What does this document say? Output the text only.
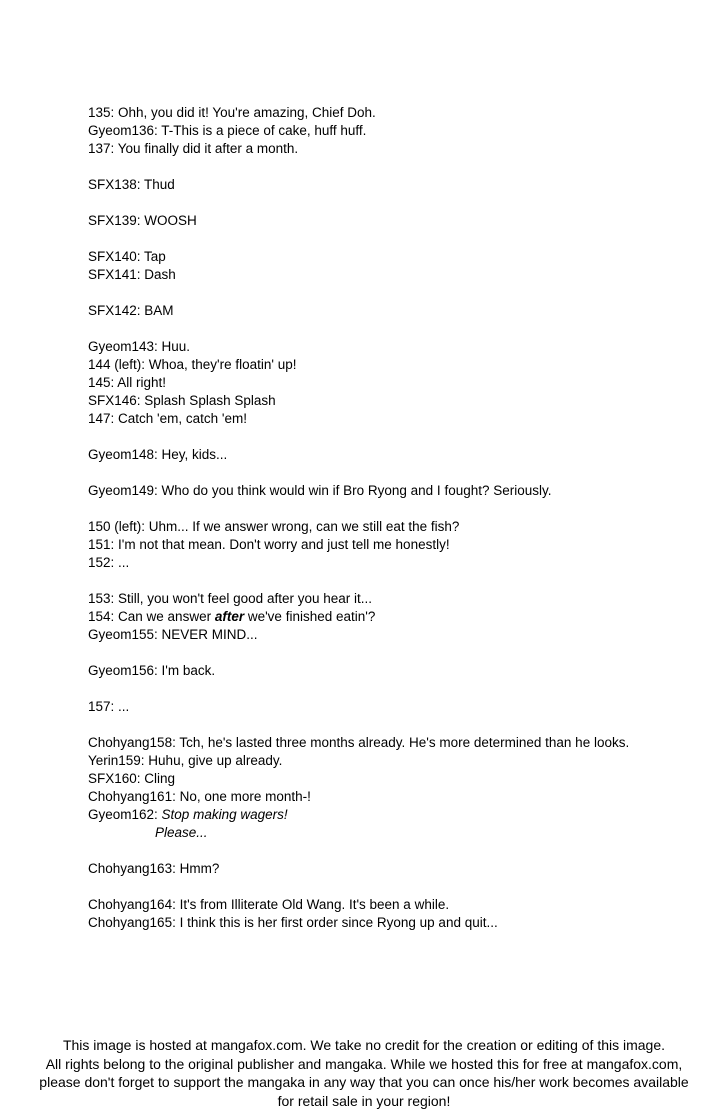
135: Ohh, you did it! You're amazing, Chief Doh.
Gyeom136: T-This is a piece of cake, huff huff.
137: You finally did it after a month.
SFX138: Thud
SFX139: WOOSH
SFX140: Tap
SFX141: Dash
SFX142: BAM
Gyeom143: Huu.
144 (left): Whoa, they're floatin' up!
145: All right!
SFX146: Splash Splash Splash
147: Catch 'em, catch 'em!
Gyeom148: Hey, kids...
Gyeom149: Who do you think would win if Bro Ryong and I fought? Seriously.
150 (left): Uhm... If we answer wrong, can we still eat the fish?
151: I'm not that mean. Don't worry and just tell me honestly!
152: ...
153: Still, you won't feel good after you hear it...
154: Can we answer after we've finished eatin'?
Gyeom155: NEVER MIND...
Gyeom156: I'm back.
157: ...
Chohyang158: Tch, he's lasted three months already. He's more determined than he looks.
Yerin159: Huhu, give up already.
SFX160: Cling
Chohyang161: No, one more month-!
Gyeom162: Stop making wagers!
Please...
Chohyang163: Hmm?
Chohyang164: It's from Illiterate Old Wang. It's been a while.
Chohyang165: I think this is her first order since Ryong up and quit...
This image is hosted at mangafox.com. We take no credit for the creation or editing of this image.
All rights belong to the original publisher and mangaka. While we hosted this for free at mangafox.com,
please don't forget to support the mangaka in any way that you can once his/her work becomes available
for retail sale in your region!
